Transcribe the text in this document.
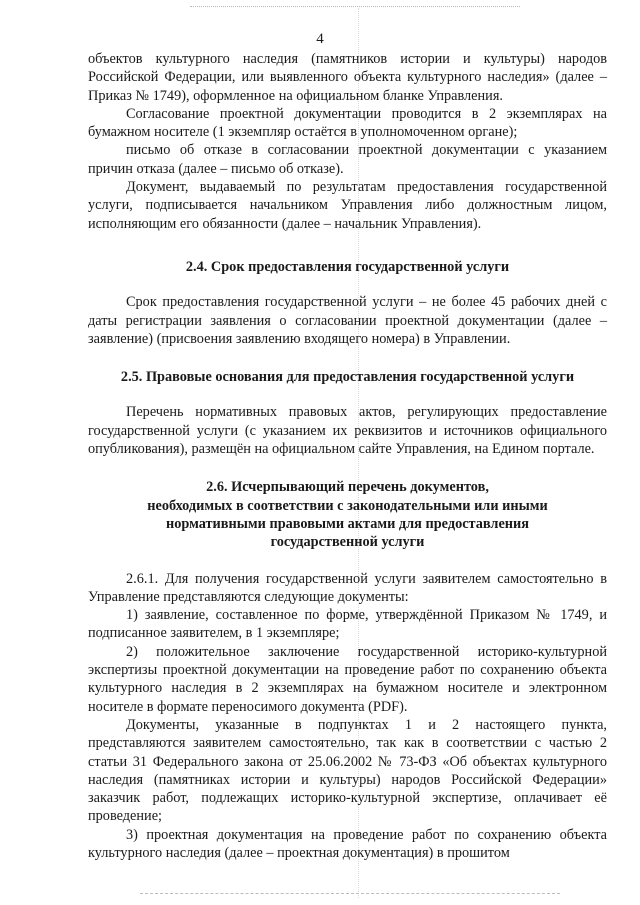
4

объектов культурного наследия (памятников истории и культуры) народов Российской Федерации, или выявленного объекта культурного наследия» (далее – Приказ № 1749), оформленное на официальном бланке Управления.

Согласование проектной документации проводится в 2 экземплярах на бумажном носителе (1 экземпляр остаётся в уполномоченном органе);

письмо об отказе в согласовании проектной документации с указанием причин отказа (далее – письмо об отказе).

Документ, выдаваемый по результатам предоставления государственной услуги, подписывается начальником Управления либо должностным лицом, исполняющим его обязанности (далее – начальник Управления).

2.4. Срок предоставления государственной услуги

Срок предоставления государственной услуги – не более 45 рабочих дней с даты регистрации заявления о согласовании проектной документации (далее – заявление) (присвоения заявлению входящего номера) в Управлении.

2.5. Правовые основания для предоставления государственной услуги

Перечень нормативных правовых актов, регулирующих предоставление государственной услуги (с указанием их реквизитов и источников официального опубликования), размещён на официальном сайте Управления, на Едином портале.

2.6. Исчерпывающий перечень документов,
необходимых в соответствии с законодательными или иными
нормативными правовыми актами для предоставления
государственной услуги

2.6.1. Для получения государственной услуги заявителем самостоятельно в Управление представляются следующие документы:

1) заявление, составленное по форме, утверждённой Приказом № 1749, и подписанное заявителем, в 1 экземпляре;

2) положительное заключение государственной историко-культурной экспертизы проектной документации на проведение работ по сохранению объекта культурного наследия в 2 экземплярах на бумажном носителе и электронном носителе в формате переносимого документа (PDF).

Документы, указанные в подпунктах 1 и 2 настоящего пункта, представляются заявителем самостоятельно, так как в соответствии с частью 2 статьи 31 Федерального закона от 25.06.2002 № 73-ФЗ «Об объектах культурного наследия (памятниках истории и культуры) народов Российской Федерации» заказчик работ, подлежащих историко-культурной экспертизе, оплачивает её проведение;

3) проектная документация на проведение работ по сохранению объекта культурного наследия (далее – проектная документация) в прошитом
